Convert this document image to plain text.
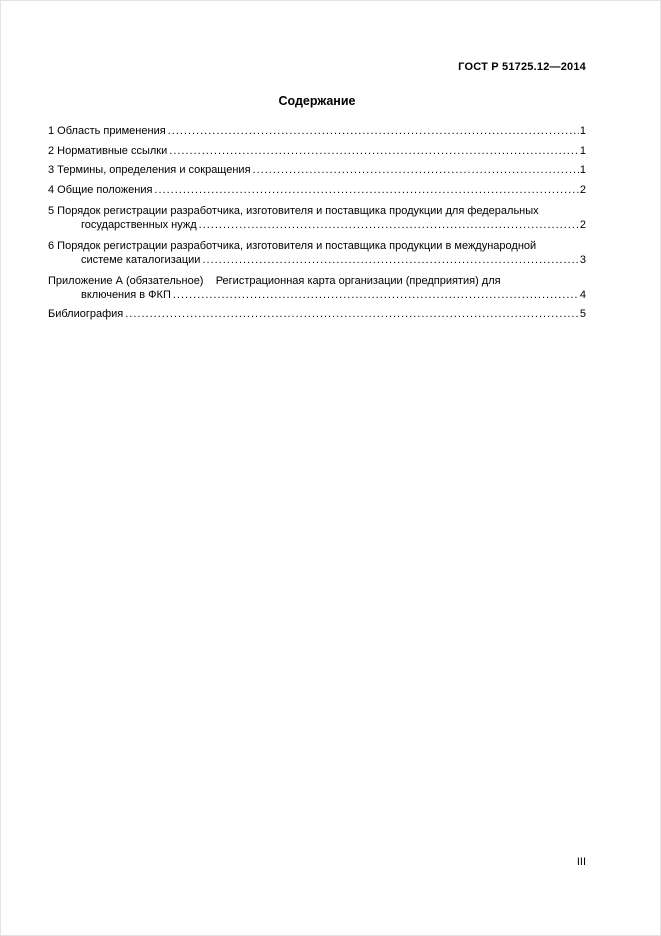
ГОСТ Р 51725.12—2014
Содержание
1 Область применения .....	1
2 Нормативные ссылки .....	1
3 Термины, определения и сокращения .....	1
4 Общие положения .....	2
5 Порядок регистрации разработчика, изготовителя и поставщика продукции для федеральных
государственных нужд .....	2
6 Порядок регистрации разработчика, изготовителя и поставщика продукции в международной
системе каталогизации .....	3
Приложение А (обязательное)    Регистрационная карта организации (предприятия) для
включения в ФКП .....	4
Библиография .....	5
III
